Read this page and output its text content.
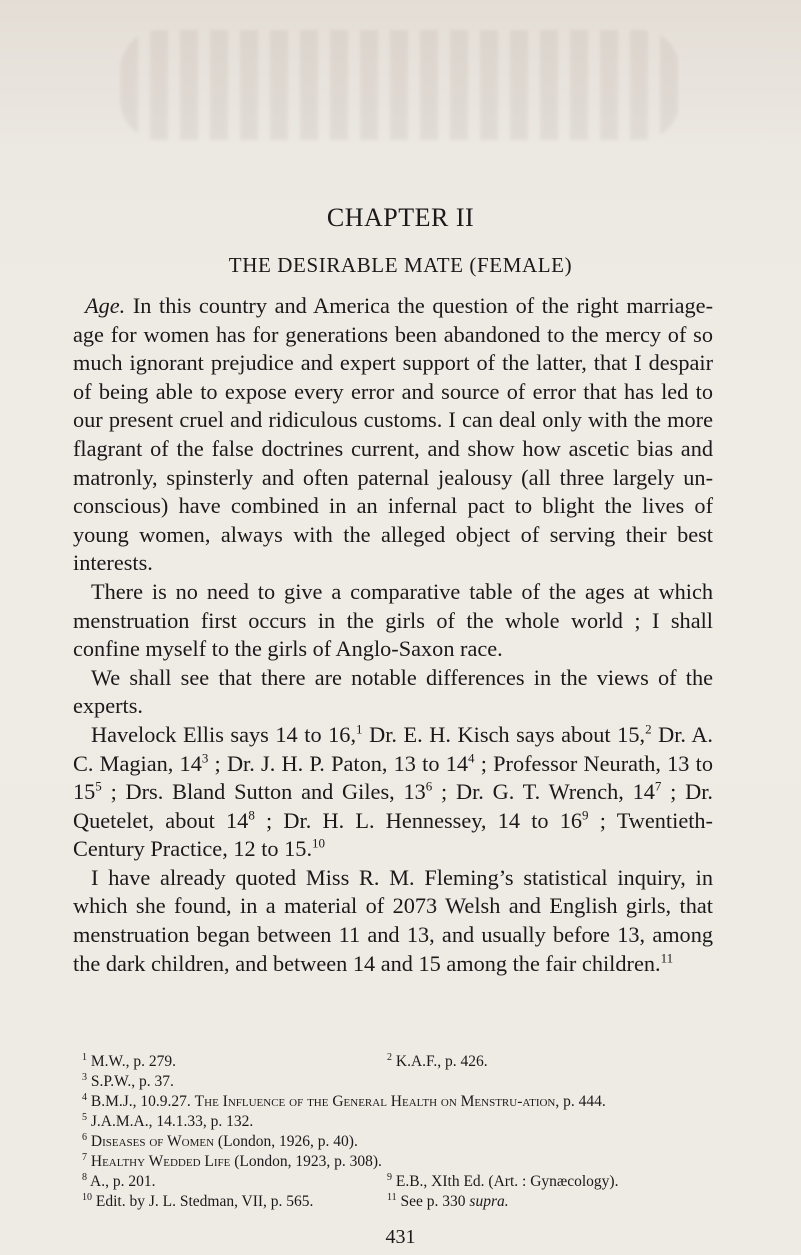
CHAPTER II
THE DESIRABLE MATE (FEMALE)

Age. In this country and America the question of the right marriage-age for women has for generations been abandoned to the mercy of so much ignorant prejudice and expert support of the latter, that I despair of being able to expose every error and source of error that has led to our present cruel and ridiculous customs. I can deal only with the more flagrant of the false doctrines current, and show how ascetic bias and matronly, spinsterly and often paternal jealousy (all three largely un-conscious) have combined in an infernal pact to blight the lives of young women, always with the alleged object of serving their best interests.

There is no need to give a comparative table of the ages at which menstruation first occurs in the girls of the whole world ; I shall confine myself to the girls of Anglo-Saxon race.

We shall see that there are notable differences in the views of the experts.

Havelock Ellis says 14 to 16,$^1$ Dr. E. H. Kisch says about 15,$^2$ Dr. A. C. Magian, $14^3$ ; Dr. J. H. P. Paton, 13 to $14^4$ ; Professor Neurath, 13 to $15^5$ ; Drs. Bland Sutton and Giles, $13^6$ ; Dr. G. T. Wrench, $14^7$ ; Dr. Quetelet, about $14^8$ ; Dr. H. L. Hennessey, 14 to $16^9$ ; Twentieth-Century Practice, 12 to 15.10

I have already quoted Miss R. M. Fleming’s statistical inquiry, in which she found, in a material of 2073 Welsh and English girls, that menstruation began between 11 and 13, and usually before 13, among the dark children, and between 14 and 15 among the fair children.$^{11}$

$^1$ M.W., p. 279.	$^2$ K.A.F., p. 426.
$^3$ S.P.W., p. 37.
$^4$ B.M.J., 10.9.27. The Influence of the General Health on Menstru-ation, p. 444.
$^5$ J.A.M.A., 14.1.33, p. 132.
$^6$ Diseases of Women (London, 1926, p. 40).
$^7$ Healthy Wedded Life (London, 1923, p. 308).
$^8$ A., p. 201.	$^9$ E.B., XIth Ed. (Art. : Gynæcology).
$^{10}$ Edit. by J. L. Stedman, VII, p. 565.	$^{11}$ See p. 330 supra.
431
